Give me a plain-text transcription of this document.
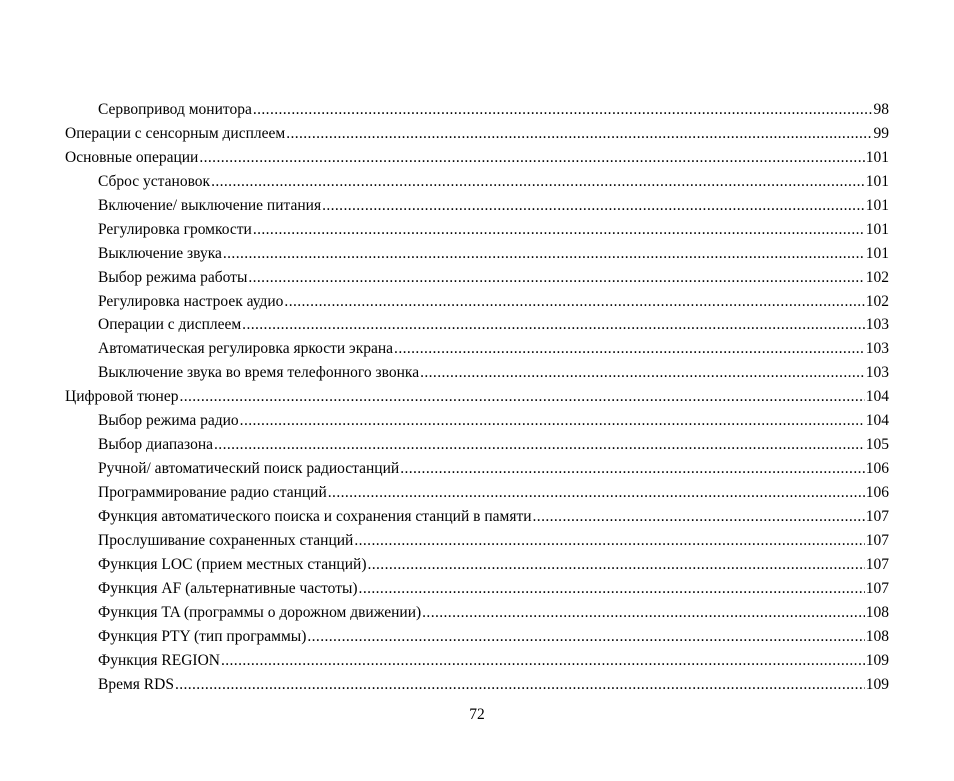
Сервопривод монитора .....	98
Операции с сенсорным дисплеем .....	99
Основные операции .....	101
Сброс установок .....	101
Включение/ выключение питания .....	101
Регулировка громкости .....	101
Выключение звука .....	101
Выбор режима работы .....	102
Регулировка настроек аудио .....	102
Операции с дисплеем .....	103
Автоматическая регулировка яркости экрана .....	103
Выключение звука во время телефонного звонка .....	103
Цифровой тюнер .....	104
Выбор режима радио .....	104
Выбор диапазона .....	105
Ручной/ автоматический поиск радиостанций .....	106
Программирование радио станций .....	106
Функция автоматического поиска и сохранения станций в памяти .....	107
Прослушивание сохраненных станций .....	107
Функция LOC (прием местных станций) .....	107
Функция AF (альтернативные частоты) .....	107
Функция TA (программы о дорожном движении) .....	108
Функция PTY (тип программы) .....	108
Функция REGION .....	109
Время RDS .....	109
72
